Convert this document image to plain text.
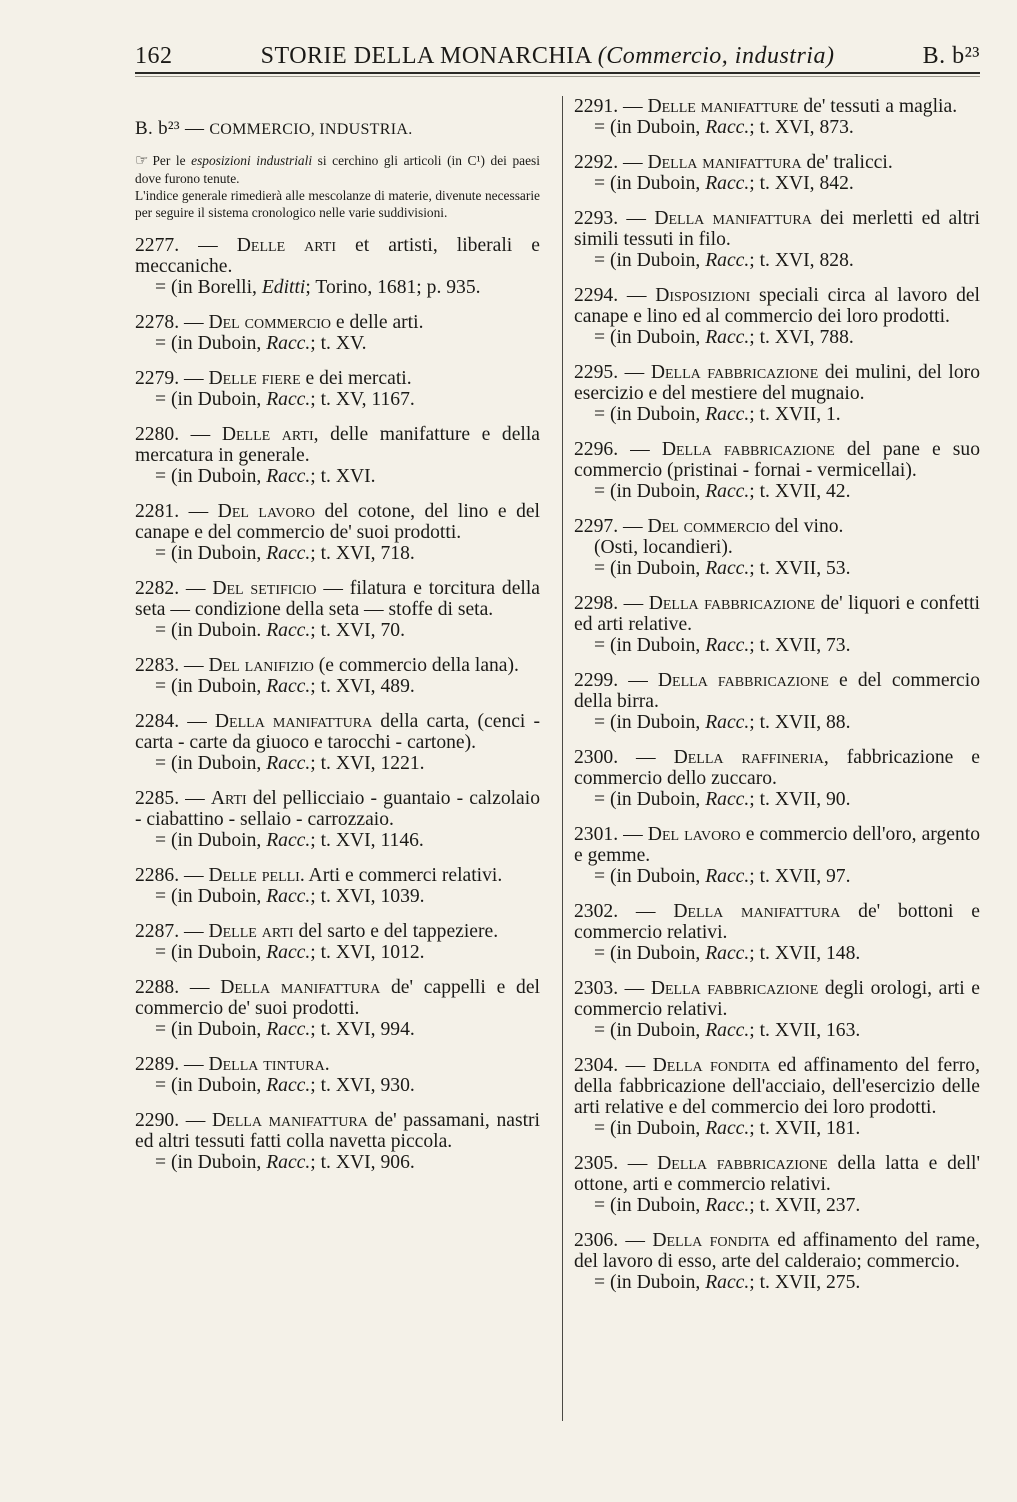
162	STORIE DELLA MONARCHIA (Commercio, industria)	B. b²³
B. b²³ — COMMERCIO, INDUSTRIA.
☞ Per le esposizioni industriali si cerchino gli articoli (in C¹) dei paesi dove furono tenute.
L'indice generale rimedierà alle mescolanze di materie, divenute necessarie per seguire il sistema cronologico nelle varie suddivisioni.
2277. — Delle arti et artisti, liberali e meccaniche.
= (in Borelli, Editti; Torino, 1681; p. 935.
2278. — Del commercio e delle arti.
= (in Duboin, Racc.; t. XV.
2279. — Delle fiere e dei mercati.
= (in Duboin, Racc.; t. XV, 1167.
2280. — Delle arti, delle manifatture e della mercatura in generale.
= (in Duboin, Racc.; t. XVI.
2281. — Del lavoro del cotone, del lino e del canape e del commercio de' suoi prodotti.
= (in Duboin, Racc.; t. XVI, 718.
2282. — Del setificio — filatura e torcitura della seta — condizione della seta — stoffe di seta.
= (in Duboin. Racc.; t. XVI, 70.
2283. — Del lanifizio (e commercio della lana).
= (in Duboin, Racc.; t. XVI, 489.
2284. — Della manifattura della carta, (cenci - carta - carte da giuoco e tarocchi - cartone).
= (in Duboin, Racc.; t. XVI, 1221.
2285. — Arti del pellicciaio - guantaio - calzolaio - ciabattino - sellaio - carrozzaio.
= (in Duboin, Racc.; t. XVI, 1146.
2286. — Delle pelli. Arti e commerci relativi.
= (in Duboin, Racc.; t. XVI, 1039.
2287. — Delle arti del sarto e del tappeziere.
= (in Duboin, Racc.; t. XVI, 1012.
2288. — Della manifattura de' cappelli e del commercio de' suoi prodotti.
= (in Duboin, Racc.; t. XVI, 994.
2289. — Della tintura.
= (in Duboin, Racc.; t. XVI, 930.
2290. — Della manifattura de' passamani, nastri ed altri tessuti fatti colla navetta piccola.
= (in Duboin, Racc.; t. XVI, 906.
2291. — Delle manifatture de' tessuti a maglia.
= (in Duboin, Racc.; t. XVI, 873.
2292. — Della manifattura de' tralicci.
= (in Duboin, Racc.; t. XVI, 842.
2293. — Della manifattura dei merletti ed altri simili tessuti in filo.
= (in Duboin, Racc.; t. XVI, 828.
2294. — Disposizioni speciali circa al lavoro del canape e lino ed al commercio dei loro prodotti.
= (in Duboin, Racc.; t. XVI, 788.
2295. — Della fabbricazione dei mulini, del loro esercizio e del mestiere del mugnaio.
= (in Duboin, Racc.; t. XVII, 1.
2296. — Della fabbricazione del pane e suo commercio (pristinai - fornai - vermicellai).
= (in Duboin, Racc.; t. XVII, 42.
2297. — Del commercio del vino.
(Osti, locandieri).
= (in Duboin, Racc.; t. XVII, 53.
2298. — Della fabbricazione de' liquori e confetti ed arti relative.
= (in Duboin, Racc.; t. XVII, 73.
2299. — Della fabbricazione e del commercio della birra.
= (in Duboin, Racc.; t. XVII, 88.
2300. — Della raffineria, fabbricazione e commercio dello zuccaro.
= (in Duboin, Racc.; t. XVII, 90.
2301. — Del lavoro e commercio dell'oro, argento e gemme.
= (in Duboin, Racc.; t. XVII, 97.
2302. — Della manifattura de' bottoni e commercio relativi.
= (in Duboin, Racc.; t. XVII, 148.
2303. — Della fabbricazione degli orologi, arti e commercio relativi.
= (in Duboin, Racc.; t. XVII, 163.
2304. — Della fondita ed affinamento del ferro, della fabbricazione dell'acciaio, dell'esercizio delle arti relative e del commercio dei loro prodotti.
= (in Duboin, Racc.; t. XVII, 181.
2305. — Della fabbricazione della latta e dell' ottone, arti e commercio relativi.
= (in Duboin, Racc.; t. XVII, 237.
2306. — Della fondita ed affinamento del rame, del lavoro di esso, arte del calderaio; commercio.
= (in Duboin, Racc.; t. XVII, 275.
